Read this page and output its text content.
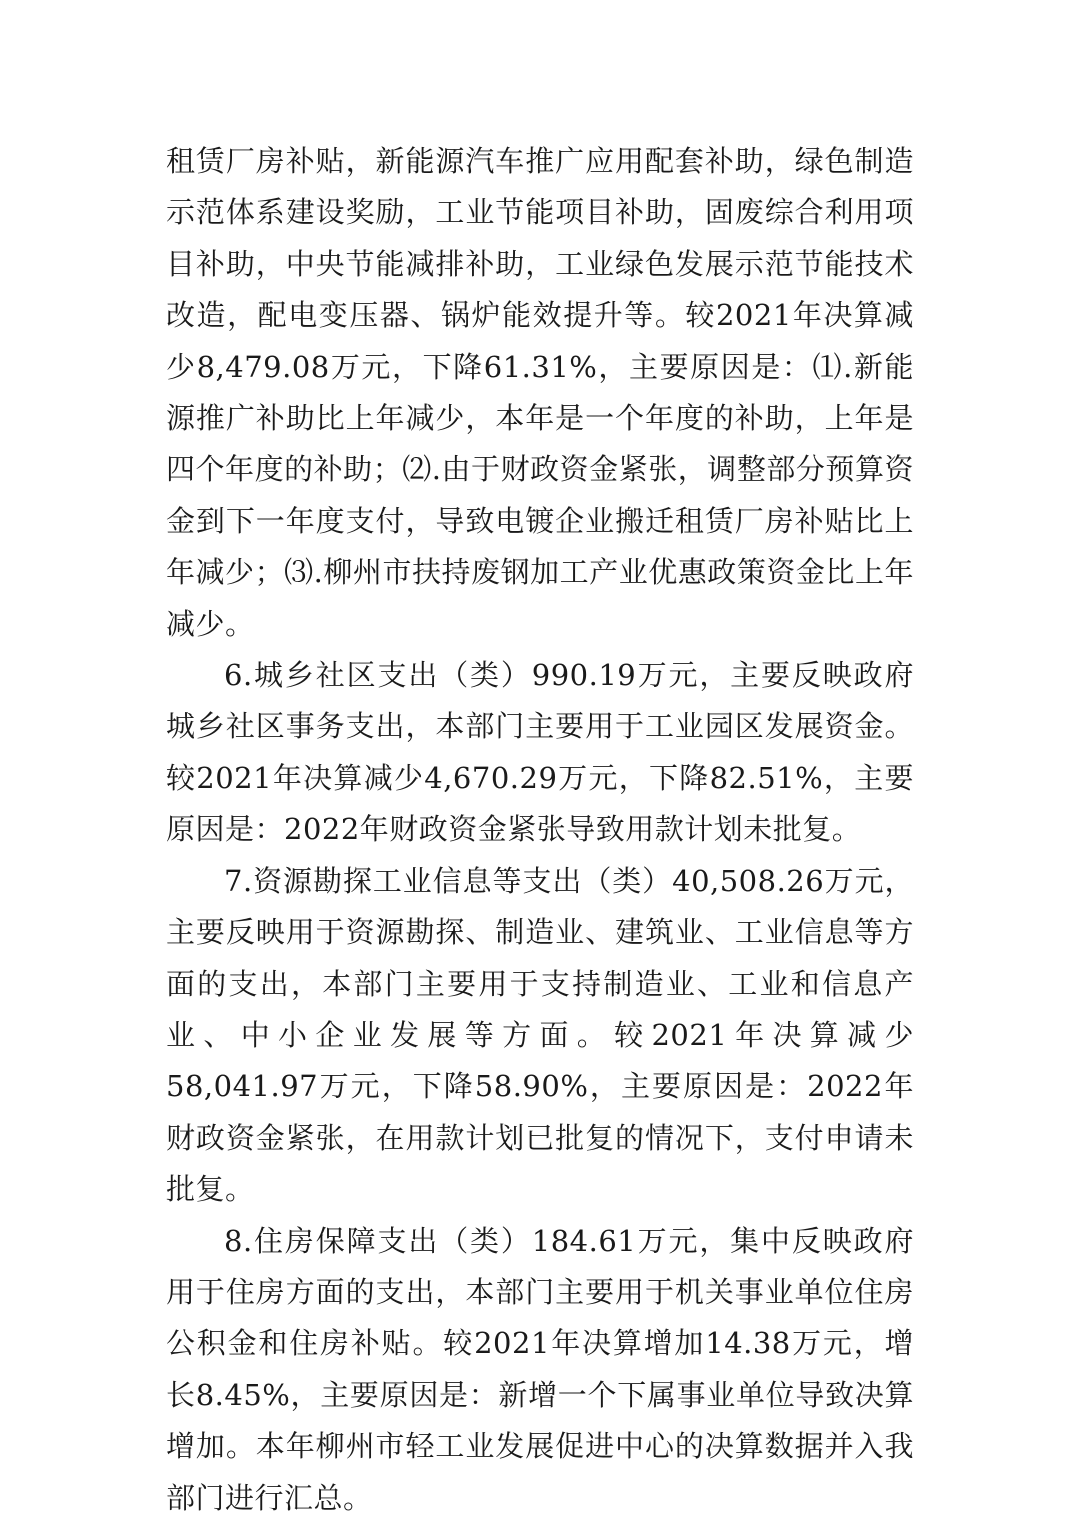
租赁厂房补贴，新能源汽车推广应用配套补助，绿色制造示范体系建设奖励，工业节能项目补助，固废综合利用项目补助，中央节能减排补助，工业绿色发展示范节能技术改造，配电变压器、锅炉能效提升等。较2021年决算减少8,479.08万元，下降61.31%，主要原因是：⑴.新能源推广补助比上年减少，本年是一个年度的补助，上年是四个年度的补助；⑵.由于财政资金紧张，调整部分预算资金到下一年度支付，导致电镀企业搬迁租赁厂房补贴比上年减少；⑶.柳州市扶持废钢加工产业优惠政策资金比上年减少。

6.城乡社区支出（类）990.19万元，主要反映政府城乡社区事务支出，本部门主要用于工业园区发展资金。较2021年决算减少4,670.29万元，下降82.51%，主要原因是：2022年财政资金紧张导致用款计划未批复。

7.资源勘探工业信息等支出（类）40,508.26万元，主要反映用于资源勘探、制造业、建筑业、工业信息等方面的支出，本部门主要用于支持制造业、工业和信息产业、中小企业发展等方面。较2021年决算减少58,041.97万元，下降58.90%，主要原因是：2022年财政资金紧张，在用款计划已批复的情况下，支付申请未批复。

8.住房保障支出（类）184.61万元，集中反映政府用于住房方面的支出，本部门主要用于机关事业单位住房公积金和住房补贴。较2021年决算增加14.38万元，增长8.45%，主要原因是：新增一个下属事业单位导致决算增加。本年柳州市轻工业发展促进中心的决算数据并入我部门进行汇总。
